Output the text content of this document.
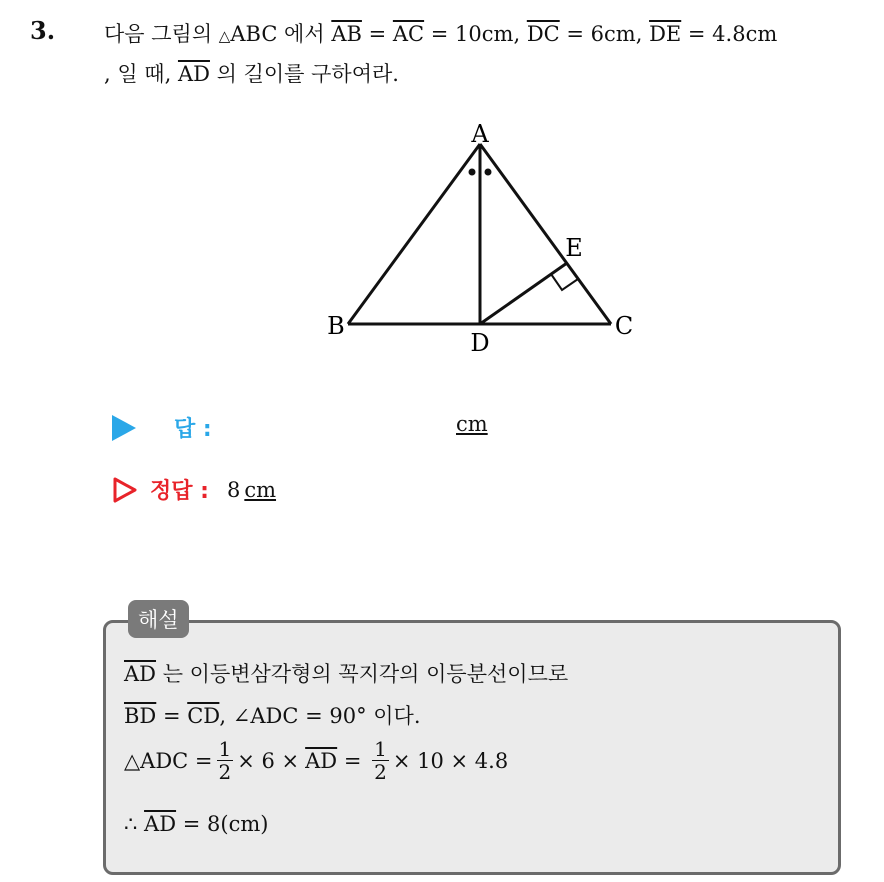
3. 다음 그림의 △ABC 에서 $\overline{AB} = \overline{AC} = 10cm$, $\overline{DC} = 6cm$, $\overline{DE} = 4.8cm$
, 일 때, $\overline{AD}$ 의 길이를 구하여라.
A
B	C
D
E
답 :	cm
정답 : 8 cm
해설
$\overline{AD}$ 는 이등변삼각형의 꼭지각의 이등분선이므로
$\overline{BD} = \overline{CD}$, ∠ADC = 90° 이다.
△ADC = $\frac{1}{2} \times 6 \times \overline{AD} = \frac{1}{2} \times 10 \times 4.8$
∴ $\overline{AD} = 8(cm)$
